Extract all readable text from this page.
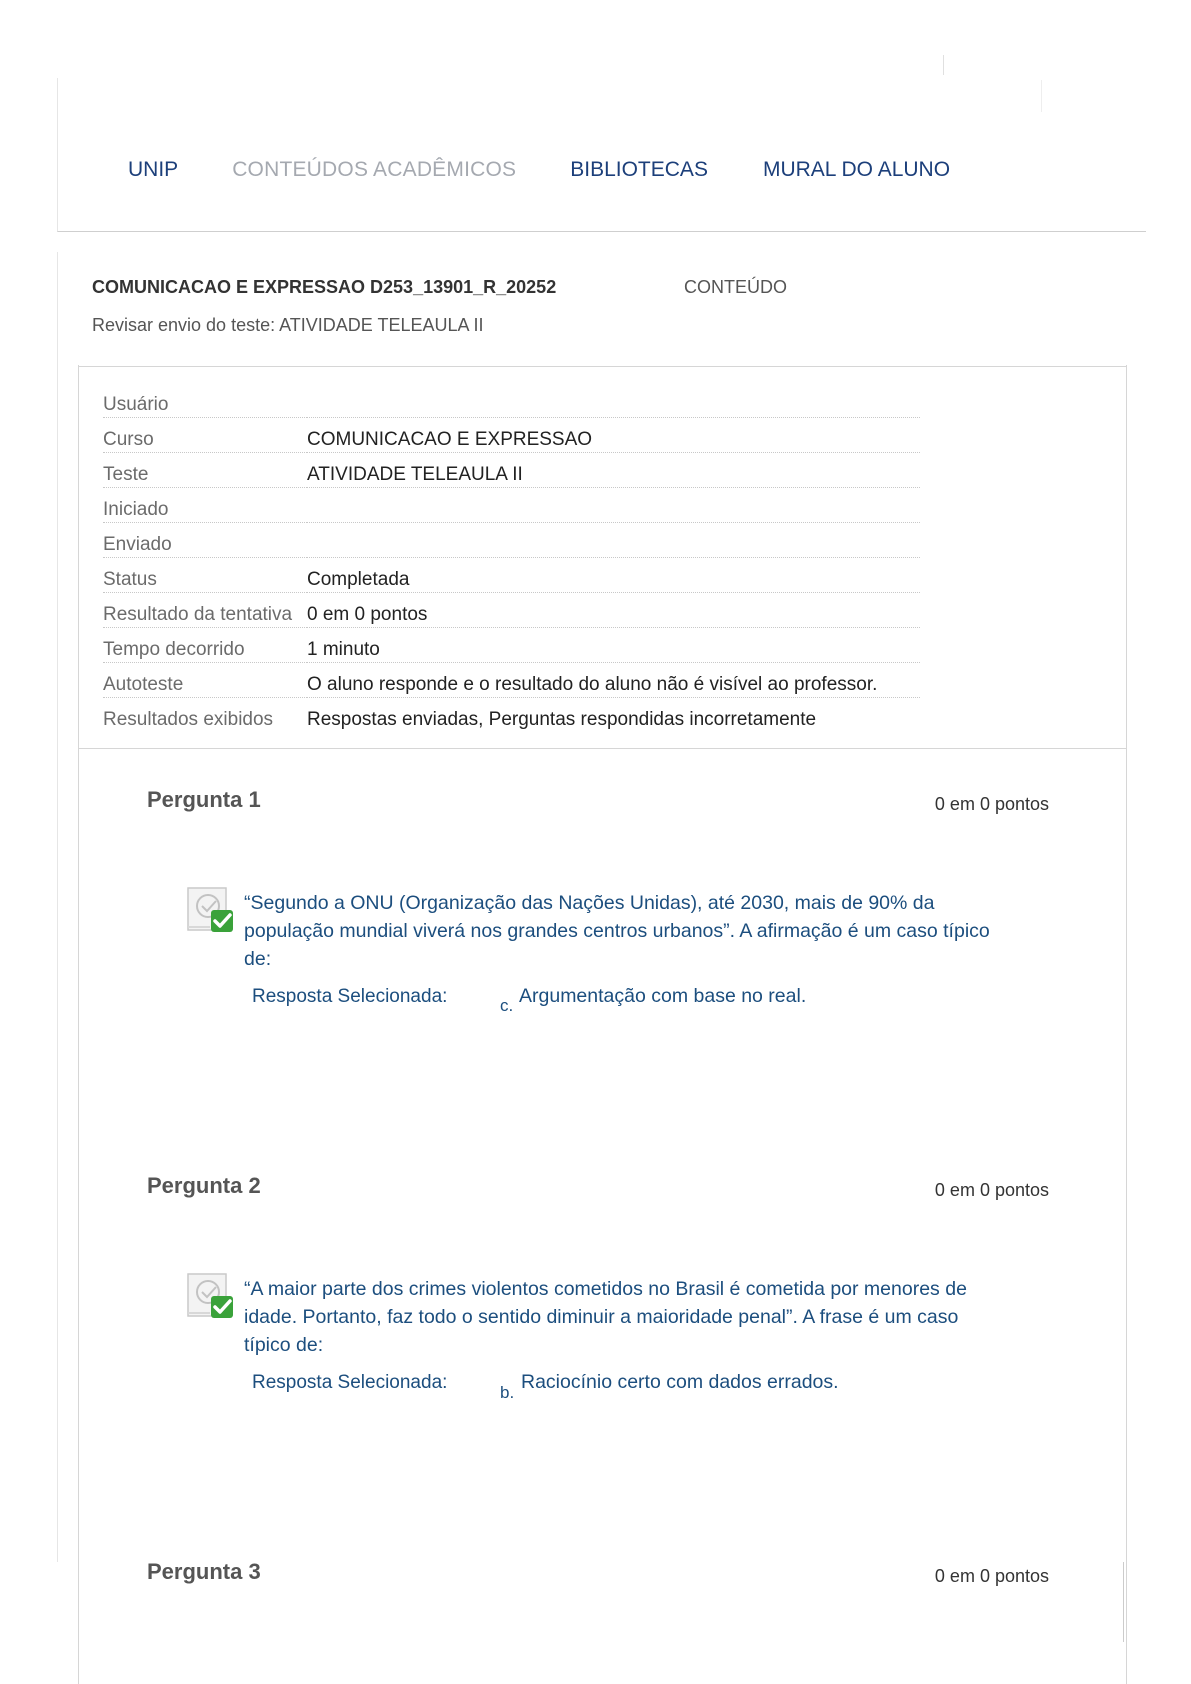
UNIP	CONTEÚDOS ACADÊMICOS	BIBLIOTECAS	MURAL DO ALUNO
COMUNICACAO E EXPRESSAO D253_13901_R_20252	CONTEÚDO
Revisar envio do teste: ATIVIDADE TELEAULA II
Usuário	
Curso	COMUNICACAO E EXPRESSAO
Teste	ATIVIDADE TELEAULA II
Iniciado	
Enviado	
Status	Completada
Resultado da tentativa	0 em 0 pontos
Tempo decorrido	1 minuto
Autoteste	O aluno responde e o resultado do aluno não é visível ao professor.
Resultados exibidos	Respostas enviadas, Perguntas respondidas incorretamente
Pergunta 1	0 em 0 pontos
“Segundo a ONU (Organização das Nações Unidas), até 2030, mais de 90% da população mundial viverá nos grandes centros urbanos”. A afirmação é um caso típico de:
Resposta Selecionada:	c. Argumentação com base no real.
Pergunta 2	0 em 0 pontos
“A maior parte dos crimes violentos cometidos no Brasil é cometida por menores de idade. Portanto, faz todo o sentido diminuir a maioridade penal”. A frase é um caso típico de:
Resposta Selecionada:	b. Raciocínio certo com dados errados.
Pergunta 3	0 em 0 pontos
